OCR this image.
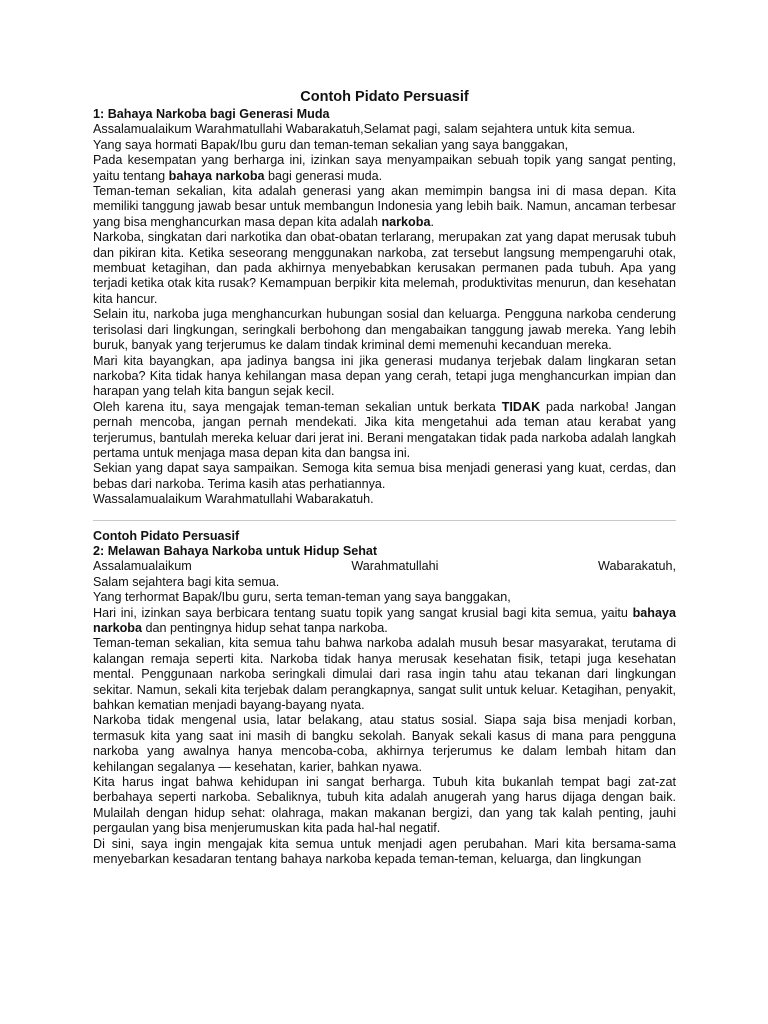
Contoh Pidato Persuasif
1: Bahaya Narkoba bagi Generasi Muda

Assalamualaikum Warahmatullahi Wabarakatuh,Selamat pagi, salam sejahtera untuk kita semua.

Yang saya hormati Bapak/Ibu guru dan teman-teman sekalian yang saya banggakan,

Pada kesempatan yang berharga ini, izinkan saya menyampaikan sebuah topik yang sangat penting, yaitu tentang bahaya narkoba bagi generasi muda.

Teman-teman sekalian, kita adalah generasi yang akan memimpin bangsa ini di masa depan. Kita memiliki tanggung jawab besar untuk membangun Indonesia yang lebih baik. Namun, ancaman terbesar yang bisa menghancurkan masa depan kita adalah narkoba.

Narkoba, singkatan dari narkotika dan obat-obatan terlarang, merupakan zat yang dapat merusak tubuh dan pikiran kita. Ketika seseorang menggunakan narkoba, zat tersebut langsung mempengaruhi otak, membuat ketagihan, dan pada akhirnya menyebabkan kerusakan permanen pada tubuh. Apa yang terjadi ketika otak kita rusak? Kemampuan berpikir kita melemah, produktivitas menurun, dan kesehatan kita hancur.

Selain itu, narkoba juga menghancurkan hubungan sosial dan keluarga. Pengguna narkoba cenderung terisolasi dari lingkungan, seringkali berbohong dan mengabaikan tanggung jawab mereka. Yang lebih buruk, banyak yang terjerumus ke dalam tindak kriminal demi memenuhi kecanduan mereka.

Mari kita bayangkan, apa jadinya bangsa ini jika generasi mudanya terjebak dalam lingkaran setan narkoba? Kita tidak hanya kehilangan masa depan yang cerah, tetapi juga menghancurkan impian dan harapan yang telah kita bangun sejak kecil.

Oleh karena itu, saya mengajak teman-teman sekalian untuk berkata TIDAK pada narkoba! Jangan pernah mencoba, jangan pernah mendekati. Jika kita mengetahui ada teman atau kerabat yang terjerumus, bantulah mereka keluar dari jerat ini. Berani mengatakan tidak pada narkoba adalah langkah pertama untuk menjaga masa depan kita dan bangsa ini.

Sekian yang dapat saya sampaikan. Semoga kita semua bisa menjadi generasi yang kuat, cerdas, dan bebas dari narkoba. Terima kasih atas perhatiannya.

Wassalamualaikum Warahmatullahi Wabarakatuh.

Contoh Pidato Persuasif
2: Melawan Bahaya Narkoba untuk Hidup Sehat
Assalamualaikum	Warahmatullahi	Wabarakatuh,

Salam sejahtera bagi kita semua.

Yang terhormat Bapak/Ibu guru, serta teman-teman yang saya banggakan,

Hari ini, izinkan saya berbicara tentang suatu topik yang sangat krusial bagi kita semua, yaitu bahaya narkoba dan pentingnya hidup sehat tanpa narkoba.

Teman-teman sekalian, kita semua tahu bahwa narkoba adalah musuh besar masyarakat, terutama di kalangan remaja seperti kita. Narkoba tidak hanya merusak kesehatan fisik, tetapi juga kesehatan mental. Penggunaan narkoba seringkali dimulai dari rasa ingin tahu atau tekanan dari lingkungan sekitar. Namun, sekali kita terjebak dalam perangkapnya, sangat sulit untuk keluar. Ketagihan, penyakit, bahkan kematian menjadi bayang-bayang nyata.

Narkoba tidak mengenal usia, latar belakang, atau status sosial. Siapa saja bisa menjadi korban, termasuk kita yang saat ini masih di bangku sekolah. Banyak sekali kasus di mana para pengguna narkoba yang awalnya hanya mencoba-coba, akhirnya terjerumus ke dalam lembah hitam dan kehilangan segalanya — kesehatan, karier, bahkan nyawa.

Kita harus ingat bahwa kehidupan ini sangat berharga. Tubuh kita bukanlah tempat bagi zat-zat berbahaya seperti narkoba. Sebaliknya, tubuh kita adalah anugerah yang harus dijaga dengan baik. Mulailah dengan hidup sehat: olahraga, makan makanan bergizi, dan yang tak kalah penting, jauhi pergaulan yang bisa menjerumuskan kita pada hal-hal negatif.

Di sini, saya ingin mengajak kita semua untuk menjadi agen perubahan. Mari kita bersama-sama menyebarkan kesadaran tentang bahaya narkoba kepada teman-teman, keluarga, dan lingkungan
